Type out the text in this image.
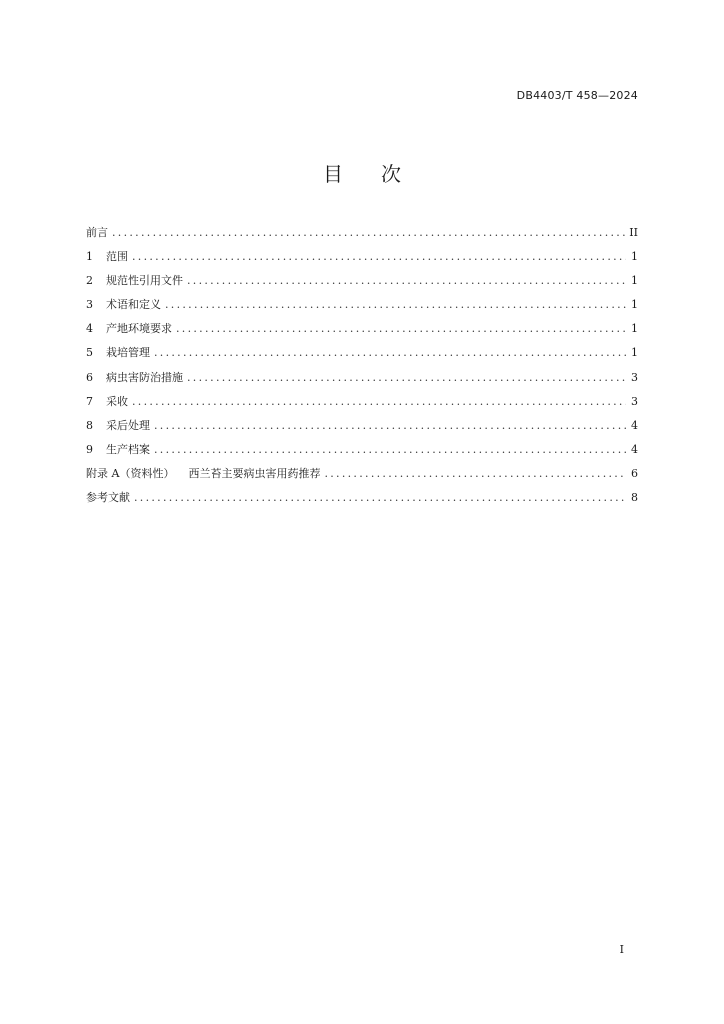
DB4403/T 458—2024
目 次
前言 .....	II
1	范围 .....	1
2	规范性引用文件 .....	1
3	术语和定义 .....	1
4	产地环境要求 .....	1
5	栽培管理 .....	1
6	病虫害防治措施 .....	3
7	采收 .....	3
8	采后处理 .....	4
9	生产档案 .....	4
附录 A（资料性） 西兰苔主要病虫害用药推荐 .....	6
参考文献 .....	8
I
